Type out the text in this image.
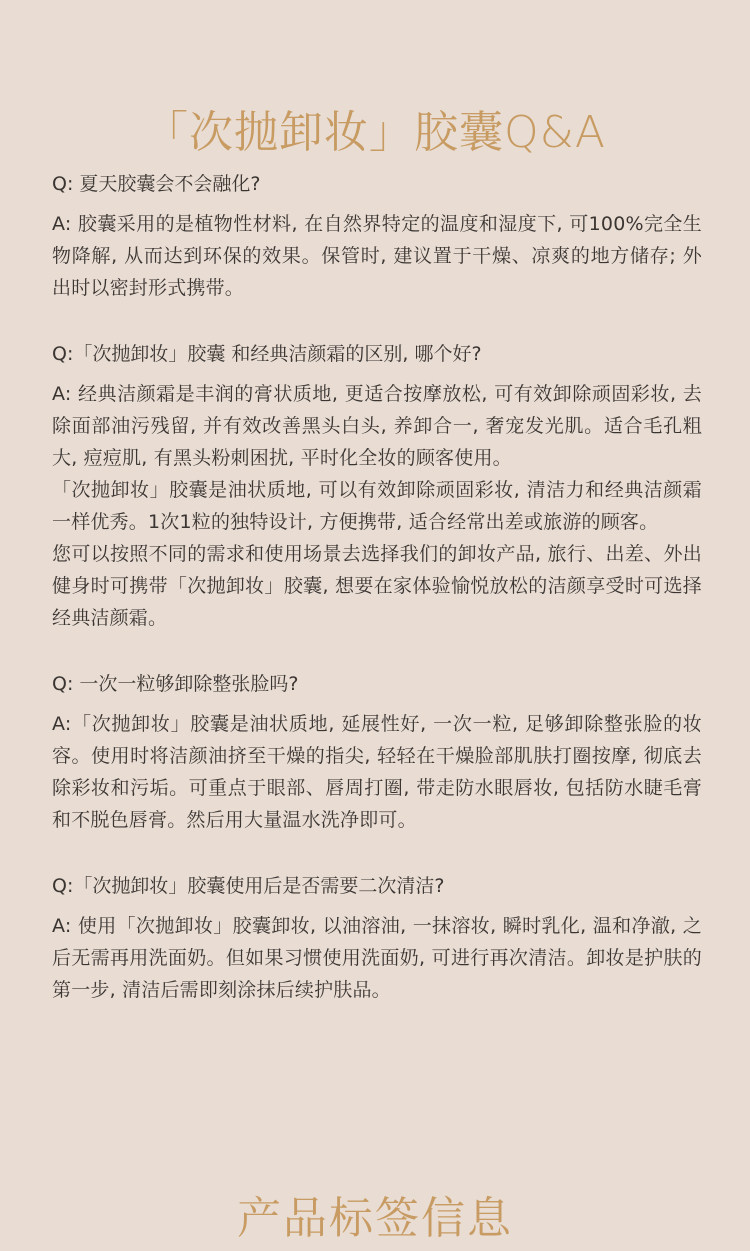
「次抛卸妆」胶囊Q&A
Q: 夏天胶囊会不会融化?

A: 胶囊采用的是植物性材料, 在自然界特定的温度和湿度下, 可100%完全生物降解, 从而达到环保的效果。保管时, 建议置于干燥、凉爽的地方储存; 外出时以密封形式携带。

Q:「次抛卸妆」胶囊 和经典洁颜霜的区别, 哪个好?

A: 经典洁颜霜是丰润的膏状质地, 更适合按摩放松, 可有效卸除顽固彩妆, 去除面部油污残留, 并有效改善黑头白头, 养卸合一, 奢宠发光肌。适合毛孔粗大, 痘痘肌, 有黑头粉刺困扰, 平时化全妆的顾客使用。

「次抛卸妆」胶囊是油状质地, 可以有效卸除顽固彩妆, 清洁力和经典洁颜霜一样优秀。1次1粒的独特设计, 方便携带, 适合经常出差或旅游的顾客。

您可以按照不同的需求和使用场景去选择我们的卸妆产品, 旅行、出差、外出健身时可携带「次抛卸妆」胶囊, 想要在家体验愉悦放松的洁颜享受时可选择经典洁颜霜。

Q: 一次一粒够卸除整张脸吗?

A:「次抛卸妆」胶囊是油状质地, 延展性好, 一次一粒, 足够卸除整张脸的妆容。使用时将洁颜油挤至干燥的指尖, 轻轻在干燥脸部肌肤打圈按摩, 彻底去除彩妆和污垢。可重点于眼部、唇周打圈, 带走防水眼唇妆, 包括防水睫毛膏和不脱色唇膏。然后用大量温水洗净即可。

Q:「次抛卸妆」胶囊使用后是否需要二次清洁?

A: 使用「次抛卸妆」胶囊卸妆, 以油溶油, 一抹溶妆, 瞬时乳化, 温和净澈, 之后无需再用洗面奶。但如果习惯使用洗面奶, 可进行再次清洁。卸妆是护肤的第一步, 清洁后需即刻涂抹后续护肤品。

产品标签信息
